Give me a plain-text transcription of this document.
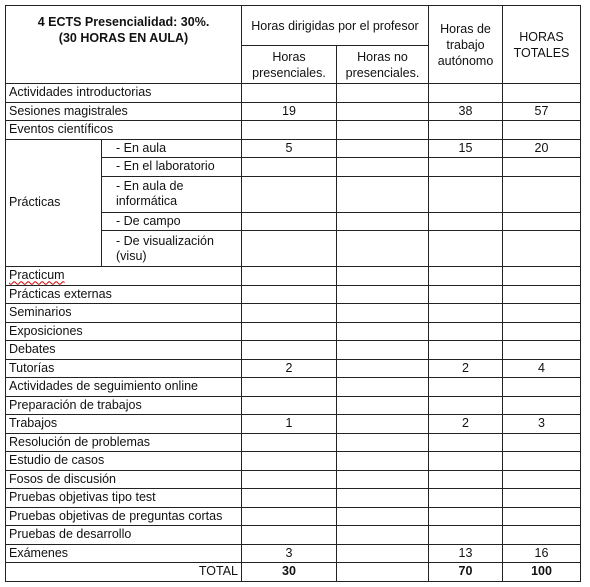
4 ECTS Presencialidad: 30%.
(30 HORAS EN AULA)		Horas dirigidas por el profesor		Horas de trabajo autónomo	HORAS TOTALES
		Horas presenciales.	Horas no presenciales.		
Actividades introductorias					
Sesiones magistrales		19		38	57
Eventos científicos					
Prácticas	- En aula	5		15	20
	- En el laboratorio				
	- En aula de informática				
	- De campo				
	- De visualización (visu)				
Practicum					
Prácticas externas					
Seminarios					
Exposiciones					
Debates					
Tutorías		2		2	4
Actividades de seguimiento online					
Preparación de trabajos					
Trabajos		1		2	3
Resolución de problemas					
Estudio de casos					
Fosos de discusión					
Pruebas objetivas tipo test					
Pruebas objetivas de preguntas cortas					
Pruebas de desarrollo					
Exámenes		3		13	16
TOTAL		30		70	100
